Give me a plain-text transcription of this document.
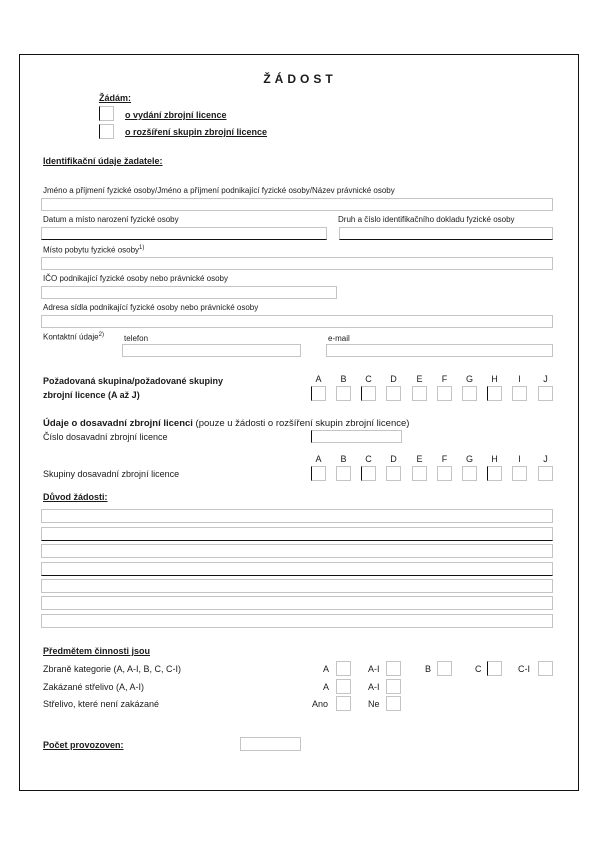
ŽÁDOST
Žádám:
o vydání zbrojní licence
o rozšíření skupin zbrojní licence
Identifikační údaje žadatele:
Jméno a příjmení fyzické osoby/Jméno a příjmení podnikající fyzické osoby/Název právnické osoby
Datum a místo narození fyzické osoby	Druh a číslo identifikačního dokladu fyzické osoby
Místo pobytu fyzické osoby$^{1)}$
IČO podnikající fyzické osoby nebo právnické osoby
Adresa sídla podnikající fyzické osoby nebo právnické osoby
Kontaktní údaje$^{2)}$	telefon	e-mail
Požadovaná skupina/požadované skupiny
zbrojní licence (A až J)
A	B	C	D	E	F	G	H	I	J
Údaje o dosavadní zbrojní licenci (pouze u žádosti o rozšíření skupin zbrojní licence)
Číslo dosavadní zbrojní licence
A	B	C	D	E	F	G	H	I	J
Skupiny dosavadní zbrojní licence
Důvod žádosti:
Předmětem činnosti jsou
Zbraně kategorie (A, A-I, B, C, C-I)	A	A-I	B	C	C-I
Zakázané střelivo (A, A-I)	A	A-I
Střelivo, které není zakázané	Ano	Ne
Počet provozoven:
